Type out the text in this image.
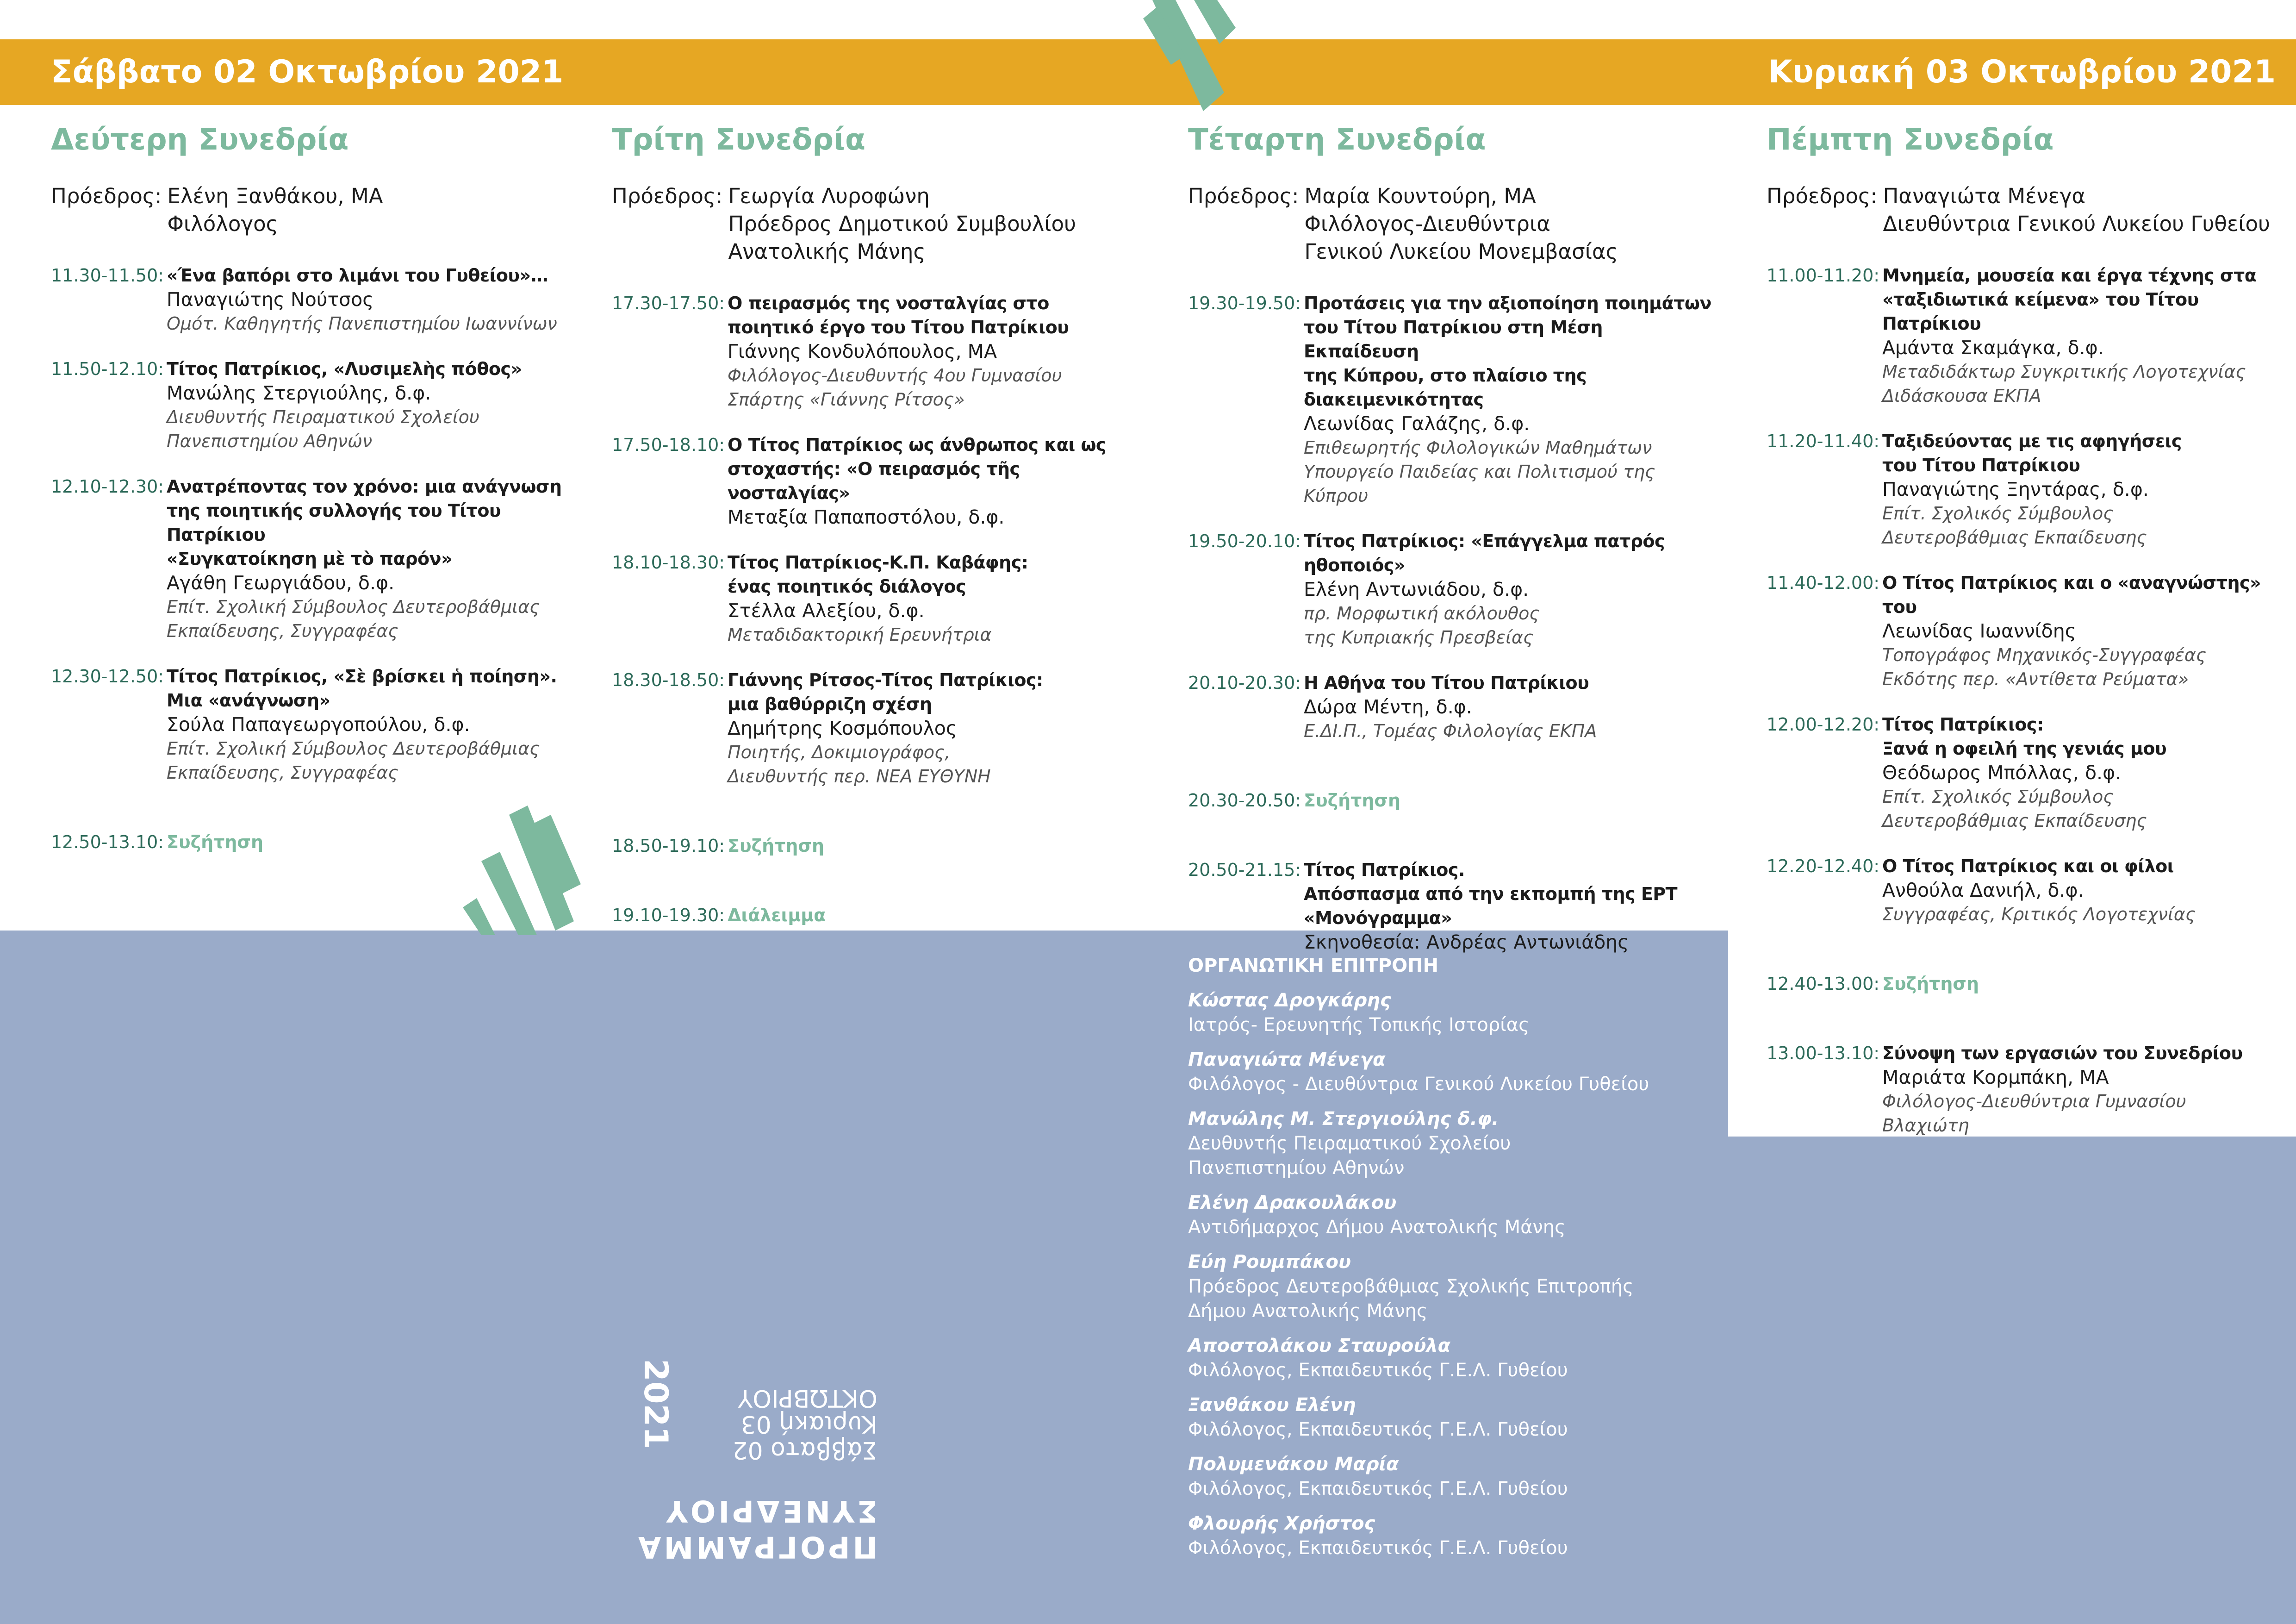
Σάββατο 02 Οκτωβρίου 2021	Κυριακή 03 Οκτωβρίου 2021
Δεύτερη Συνεδρία
Πρόεδρος: Ελένη Ξανθάκου, ΜΑ
Φιλόλογος
11.30-11.50: «Ένα βαπόρι στο λιμάνι του Γυθείου»…
Παναγιώτης Νούτσος
Ομότ. Καθηγητής Πανεπιστημίου Ιωαννίνων
11.50-12.10: Τίτος Πατρίκιος, «Λυσιμελὴς πόθος»
Μανώλης Στεργιούλης, δ.φ.
Διευθυντής Πειραματικού Σχολείου
Πανεπιστημίου Αθηνών
12.10-12.30: Ανατρέποντας τον χρόνο: μια ανάγνωση
της ποιητικής συλλογής του Τίτου Πατρίκιου
«Συγκατοίκηση μὲ τὸ παρόν»
Αγάθη Γεωργιάδου, δ.φ.
Επίτ. Σχολική Σύμβουλος Δευτεροβάθμιας
Εκπαίδευσης, Συγγραφέας
12.30-12.50: Τίτος Πατρίκιος, «Σὲ βρίσκει ἡ ποίηση».
Μια «ανάγνωση»
Σούλα Παπαγεωργοπούλου, δ.φ.
Επίτ. Σχολική Σύμβουλος Δευτεροβάθμιας
Εκπαίδευσης, Συγγραφέας
12.50-13.10: Συζήτηση
Τρίτη Συνεδρία
Πρόεδρος: Γεωργία Λυροφώνη
Πρόεδρος Δημοτικού Συμβουλίου
Ανατολικής Μάνης
17.30-17.50: Ο πειρασμός της νοσταλγίας στο
ποιητικό έργο του Τίτου Πατρίκιου
Γιάννης Κονδυλόπουλος, ΜΑ
Φιλόλογος-Διευθυντής 4ου Γυμνασίου
Σπάρτης «Γιάννης Ρίτσος»
17.50-18.10: Ο Τίτος Πατρίκιος ως άνθρωπος και ως
στοχαστής: «Ο πειρασμός τῆς νοσταλγίας»
Μεταξία Παπαποστόλου, δ.φ.
18.10-18.30: Τίτος Πατρίκιος-Κ.Π. Καβάφης:
ένας ποιητικός διάλογος
Στέλλα Αλεξίου, δ.φ.
Μεταδιδακτορική Ερευνήτρια
18.30-18.50: Γιάννης Ρίτσος-Τίτος Πατρίκιος:
μια βαθύρριζη σχέση
Δημήτρης Κοσμόπουλος
Ποιητής, Δοκιμιογράφος,
Διευθυντής περ. ΝΕΑ ΕΥΘΥΝΗ
18.50-19.10: Συζήτηση
19.10-19.30: Διάλειμμα
Τέταρτη Συνεδρία
Πρόεδρος: Μαρία Κουντούρη, ΜΑ
Φιλόλογος-Διευθύντρια
Γενικού Λυκείου Μονεμβασίας
19.30-19.50: Προτάσεις για την αξιοποίηση ποιημάτων
του Τίτου Πατρίκιου στη Μέση Εκπαίδευση
της Κύπρου, στο πλαίσιο της
διακειμενικότητας
Λεωνίδας Γαλάζης, δ.φ.
Επιθεωρητής Φιλολογικών Μαθημάτων
Υπουργείο Παιδείας και Πολιτισμού της Κύπρου
19.50-20.10: Τίτος Πατρίκιος: «Επάγγελμα πατρός ηθοποιός»
Ελένη Αντωνιάδου, δ.φ.
πρ. Μορφωτική ακόλουθος
της Κυπριακής Πρεσβείας
20.10-20.30: Η Αθήνα του Τίτου Πατρίκιου
Δώρα Μέντη, δ.φ.
Ε.ΔΙ.Π., Τομέας Φιλολογίας ΕΚΠΑ
20.30-20.50: Συζήτηση
20.50-21.15: Τίτος Πατρίκιος.
Απόσπασμα από την εκπομπή της ΕΡΤ
«Μονόγραμμα»
Σκηνοθεσία: Ανδρέας Αντωνιάδης
Πέμπτη Συνεδρία
Πρόεδρος: Παναγιώτα Μένεγα
Διευθύντρια Γενικού Λυκείου Γυθείου
11.00-11.20: Μνημεία, μουσεία και έργα τέχνης στα
«ταξιδιωτικά κείμενα» του Τίτου Πατρίκιου
Αμάντα Σκαμάγκα, δ.φ.
Μεταδιδάκτωρ Συγκριτικής Λογοτεχνίας
Διδάσκουσα ΕΚΠΑ
11.20-11.40: Ταξιδεύοντας με τις αφηγήσεις
του Τίτου Πατρίκιου
Παναγιώτης Ξηντάρας, δ.φ.
Επίτ. Σχολικός Σύμβουλος
Δευτεροβάθμιας Εκπαίδευσης
11.40-12.00: Ο Τίτος Πατρίκιος και ο «αναγνώστης» του
Λεωνίδας Ιωαννίδης
Τοπογράφος Μηχανικός-Συγγραφέας
Εκδότης περ. «Αντίθετα Ρεύματα»
12.00-12.20: Τίτος Πατρίκιος:
Ξανά η οφειλή της γενιάς μου
Θεόδωρος Μπόλλας, δ.φ.
Επίτ. Σχολικός Σύμβουλος
Δευτεροβάθμιας Εκπαίδευσης
12.20-12.40: Ο Τίτος Πατρίκιος και οι φίλοι
Ανθούλα Δανιήλ, δ.φ.
Συγγραφέας, Κριτικός Λογοτεχνίας
12.40-13.00: Συζήτηση
13.00-13.10: Σύνοψη των εργασιών του Συνεδρίου
Μαριάτα Κορμπάκη, ΜΑ
Φιλόλογος-Διευθύντρια Γυμνασίου Βλαχιώτη
ΟΡΓΑΝΩΤΙΚΗ ΕΠΙΤΡΟΠΗ
Κώστας Δρογκάρης
Ιατρός- Ερευνητής Τοπικής Ιστορίας
Παναγιώτα Μένεγα
Φιλόλογος - Διευθύντρια Γενικού Λυκείου Γυθείου
Μανώλης Μ. Στεργιούλης δ.φ.
Δευθυντής Πειραματικού Σχολείου
Πανεπιστημίου Αθηνών
Ελένη Δρακουλάκου
Αντιδήμαρχος Δήμου Ανατολικής Μάνης
Εύη Ρουμπάκου
Πρόεδρος Δευτεροβάθμιας Σχολικής Επιτροπής
Δήμου Ανατολικής Μάνης
Αποστολάκου Σταυρούλα
Φιλόλογος, Εκπαιδευτικός Γ.Ε.Λ. Γυθείου
Ξανθάκου Ελένη
Φιλόλογος, Εκπαιδευτικός Γ.Ε.Λ. Γυθείου
Πολυμενάκου Μαρία
Φιλόλογος, Εκπαιδευτικός Γ.Ε.Λ. Γυθείου
Φλουρής Χρήστος
Φιλόλογος, Εκπαιδευτικός Γ.Ε.Λ. Γυθείου
ΠΡΟΓΡΑΜΜΑ
ΣΥΝΕΔΡΙΟΥ
Σάββατο 02
Κυριακή 03
ΟΚΤΩΒΡΙΟΥ
2021
